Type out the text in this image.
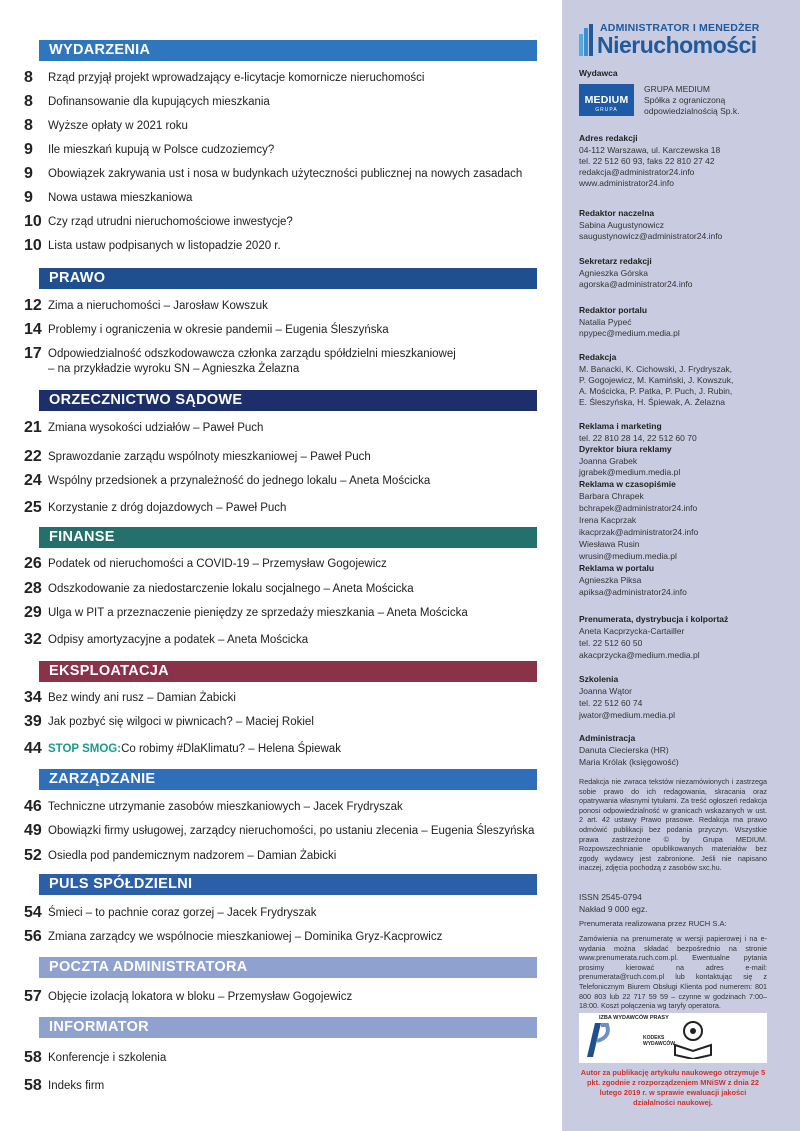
WYDARZENIA
PRAWO
ORZECZNICTWO SĄDOWE
FINANSE
EKSPLOATACJA
ZARZĄDZANIE
PULS SPÓŁDZIELNI
POCZTA ADMINISTRATORA
INFORMATOR
8 Rząd przyjął projekt wprowadzający e-licytacje komornicze nieruchomości
8 Dofinansowanie dla kupujących mieszkania
8 Wyższe opłaty w 2021 roku
9 Ile mieszkań kupują w Polsce cudzoziemcy?
9 Obowiązek zakrywania ust i nosa w budynkach użyteczności publicznej na nowych zasadach
9 Nowa ustawa mieszkaniowa
10 Czy rząd utrudni nieruchomościowe inwestycje?
10 Lista ustaw podpisanych w listopadzie 2020 r.
12 Zima a nieruchomości – Jarosław Kowszuk
14 Problemy i ograniczenia w okresie pandemii – Eugenia Śleszyńska
17 Odpowiedzialność odszkodowawcza członka zarządu spółdzielni mieszkaniowej
– na przykładzie wyroku SN – Agnieszka Żelazna
21 Zmiana wysokości udziałów – Paweł Puch
22 Sprawozdanie zarządu wspólnoty mieszkaniowej – Paweł Puch
24 Wspólny przedsionek a przynależność do jednego lokalu – Aneta Mościcka
25 Korzystanie z dróg dojazdowych – Paweł Puch
26 Podatek od nieruchomości a COVID-19 – Przemysław Gogojewicz
28 Odszkodowanie za niedostarczenie lokalu socjalnego – Aneta Mościcka
29 Ulga w PIT a przeznaczenie pieniędzy ze sprzedaży mieszkania – Aneta Mościcka
32 Odpisy amortyzacyjne a podatek – Aneta Mościcka
34 Bez windy ani rusz – Damian Żabicki
39 Jak pozbyć się wilgoci w piwnicach? – Maciej Rokiel
44 STOP SMOG:Co robimy #DlaKlimatu? – Helena Śpiewak
46 Techniczne utrzymanie zasobów mieszkaniowych – Jacek Frydryszak
49 Obowiązki firmy usługowej, zarządcy nieruchomości, po ustaniu zlecenia – Eugenia Śleszyńska
52 Osiedla pod pandemicznym nadzorem – Damian Żabicki
54 Śmieci – to pachnie coraz gorzej – Jacek Frydryszak
56 Zmiana zarządcy we wspólnocie mieszkaniowej – Dominika Gryz-Kacprowicz
57 Objęcie izolacją lokatora w bloku – Przemysław Gogojewicz
58 Konferencje i szkolenia
58 Indeks firm
ADMINISTRATOR I MENEDŻER
Nieruchomości
Wydawca
MEDIUM
GRUPA
GRUPA MEDIUM
Spółka z ograniczoną
odpowiedzialnością Sp.k.
Adres redakcji
04-112 Warszawa, ul. Karczewska 18
tel. 22 512 60 93, faks 22 810 27 42
redakcja@administrator24.info
www.administrator24.info
Redaktor naczelna
Sabina Augustynowicz
saugustynowicz@administrator24.info
Sekretarz redakcji
Agnieszka Górska
agorska@administrator24.info
Redaktor portalu
Natalia Pypeć
npypec@medium.media.pl
Redakcja
M. Banacki, K. Cichowski, J. Frydryszak,
P. Gogojewicz, M. Kamiński, J. Kowszuk,
A. Mościcka, P. Patka, P. Puch, J. Rubin,
E. Śleszyńska, H. Śpiewak, A. Żelazna
Reklama i marketing
tel. 22 810 28 14, 22 512 60 70
Dyrektor biura reklamy
Joanna Grabek
jgrabek@medium.media.pl
Reklama w czasopiśmie
Barbara Chrapek
bchrapek@administrator24.info
Irena Kacprzak
ikacprzak@administrator24.info
Wiesława Rusin
wrusin@medium.media.pl
Reklama w portalu
Agnieszka Piksa
apiksa@administrator24.info
Prenumerata, dystrybucja i kolportaż
Aneta Kacprzycka-Cartailler
tel. 22 512 60 50
akacprzycka@medium.media.pl
Szkolenia
Joanna Wątor
tel. 22 512 60 74
jwator@medium.media.pl
Administracja
Danuta Ciecierska (HR)
Maria Królak (księgowość)
Redakcja nie zwraca tekstów niezamówionych i zastrzega sobie prawo do ich redagowania, skracania oraz opatrywania własnymi tytułami. Za treść ogłoszeń redakcja ponosi odpowiedzialność w granicach wskazanych w ust. 2 art. 42 ustawy Prawo prasowe. Redakcja ma prawo odmówić publikacji bez podania przyczyn. Wszystkie prawa zastrzeżone © by Grupa MEDIUM. Rozpowszechnianie opublikowanych materiałów bez zgody wydawcy jest zabronione. Jeśli nie napisano inaczej, zdjęcia pochodzą z zasobów sxc.hu.
ISSN 2545-0794
Nakład 9 000 egz.
Prenumerata realizowana przez RUCH S.A:
Zamówienia na prenumeratę w wersji papierowej i na e-wydania można składać bezpośrednio na stronie www.prenumerata.ruch.com.pl. Ewentualne pytania prosimy kierować na adres e-mail: prenumerata@ruch.com.pl lub kontaktując się z Telefonicznym Biurem Obsługi Klienta pod numerem: 801 800 803 lub 22 717 59 59 – czynne w godzinach 7:00–18:00. Koszt połączenia wg taryfy operatora.
IZBA WYDAWCÓW PRASY
KODEKS
WYDAWCÓW
Autor za publikację artykułu naukowego otrzymuje 5 pkt. zgodnie z rozporządzeniem MNiSW z dnia 22 lutego 2019 r. w sprawie ewaluacji jakości działalności naukowej.
